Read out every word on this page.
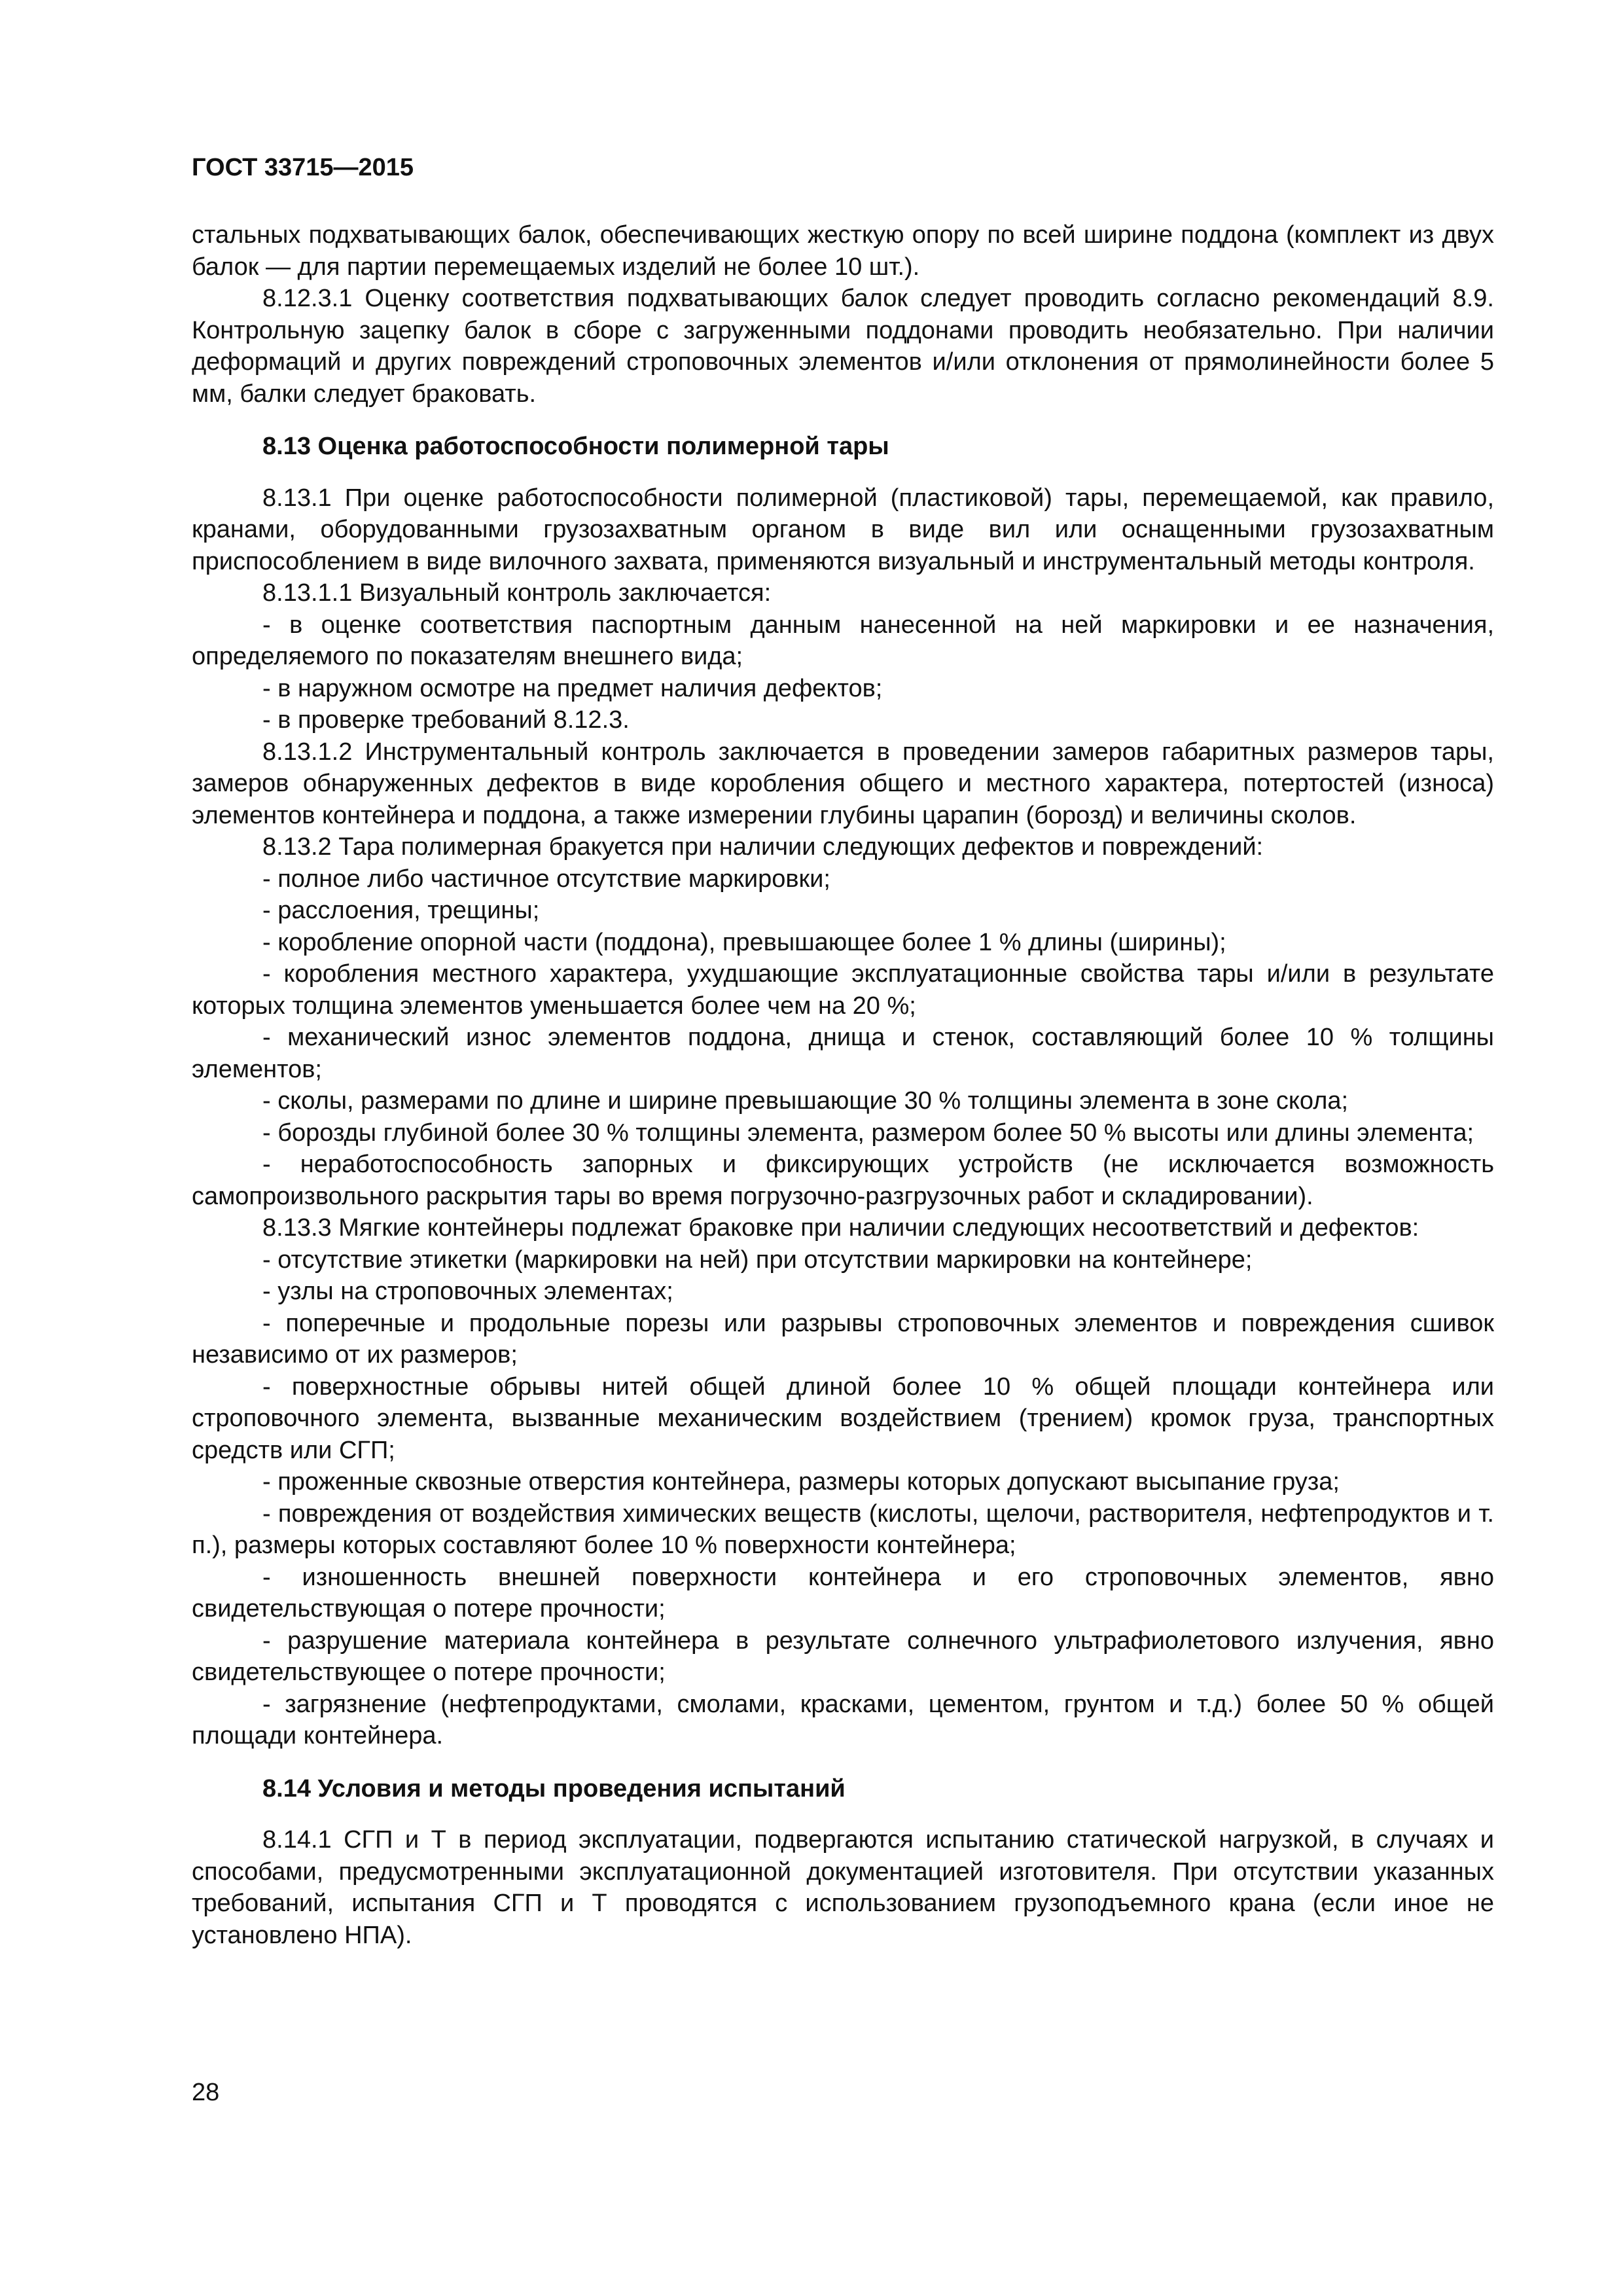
ГОСТ 33715—2015

стальных подхватывающих балок, обеспечивающих жесткую опору по всей ширине поддона (комплект из двух балок — для партии перемещаемых изделий не более 10 шт.).

8.12.3.1 Оценку соответствия подхватывающих балок следует проводить согласно рекомендаций 8.9. Контрольную зацепку балок в сборе с загруженными поддонами проводить необязательно. При наличии деформаций и других повреждений строповочных элементов и/или отклонения от прямолинейности более 5 мм, балки следует браковать.

8.13 Оценка работоспособности полимерной тары

8.13.1 При оценке работоспособности полимерной (пластиковой) тары, перемещаемой, как правило, кранами, оборудованными грузозахватным органом в виде вил или оснащенными грузозахватным приспособлением в виде вилочного захвата, применяются визуальный и инструментальный методы контроля.

8.13.1.1 Визуальный контроль заключается:

- в оценке соответствия паспортным данным нанесенной на ней маркировки и ее назначения, определяемого по показателям внешнего вида;

- в наружном осмотре на предмет наличия дефектов;

- в проверке требований 8.12.3.

8.13.1.2 Инструментальный контроль заключается в проведении замеров габаритных размеров тары, замеров обнаруженных дефектов в виде коробления общего и местного характера, потертостей (износа) элементов контейнера и поддона, а также измерении глубины царапин (борозд) и величины сколов.

8.13.2 Тара полимерная бракуется при наличии следующих дефектов и повреждений:

- полное либо частичное отсутствие маркировки;

- расслоения, трещины;

- коробление опорной части (поддона), превышающее более 1 % длины (ширины);

- коробления местного характера, ухудшающие эксплуатационные свойства тары и/или в результате которых толщина элементов уменьшается более чем на 20 %;

- механический износ элементов поддона, днища и стенок, составляющий более 10 % толщины элементов;

- сколы, размерами по длине и ширине превышающие 30 % толщины элемента в зоне скола;

- борозды глубиной более 30 % толщины элемента, размером более 50 % высоты или длины элемента;

- неработоспособность запорных и фиксирующих устройств (не исключается возможность самопроизвольного раскрытия тары во время погрузочно-разгрузочных работ и складировании).

8.13.3 Мягкие контейнеры подлежат браковке при наличии следующих несоответствий и дефектов:

- отсутствие этикетки (маркировки на ней) при отсутствии маркировки на контейнере;

- узлы на строповочных элементах;

- поперечные и продольные порезы или разрывы строповочных элементов и повреждения сшивок независимо от их размеров;

- поверхностные обрывы нитей общей длиной более 10 % общей площади контейнера или строповочного элемента, вызванные механическим воздействием (трением) кромок груза, транспортных средств или СГП;

- проженные сквозные отверстия контейнера, размеры которых допускают высыпание груза;

- повреждения от воздействия химических веществ (кислоты, щелочи, растворителя, нефтепродуктов и т. п.), размеры которых составляют более 10 % поверхности контейнера;

- изношенность внешней поверхности контейнера и его строповочных элементов, явно свидетельствующая о потере прочности;

- разрушение материала контейнера в результате солнечного ультрафиолетового излучения, явно свидетельствующее о потере прочности;

- загрязнение (нефтепродуктами, смолами, красками, цементом, грунтом и т.д.) более 50 % общей площади контейнера.

8.14 Условия и методы проведения испытаний

8.14.1 СГП и Т в период эксплуатации, подвергаются испытанию статической нагрузкой, в случаях и способами, предусмотренными эксплуатационной документацией изготовителя. При отсутствии указанных требований, испытания СГП и Т проводятся с использованием грузоподъемного крана (если иное не установлено НПА).

28
